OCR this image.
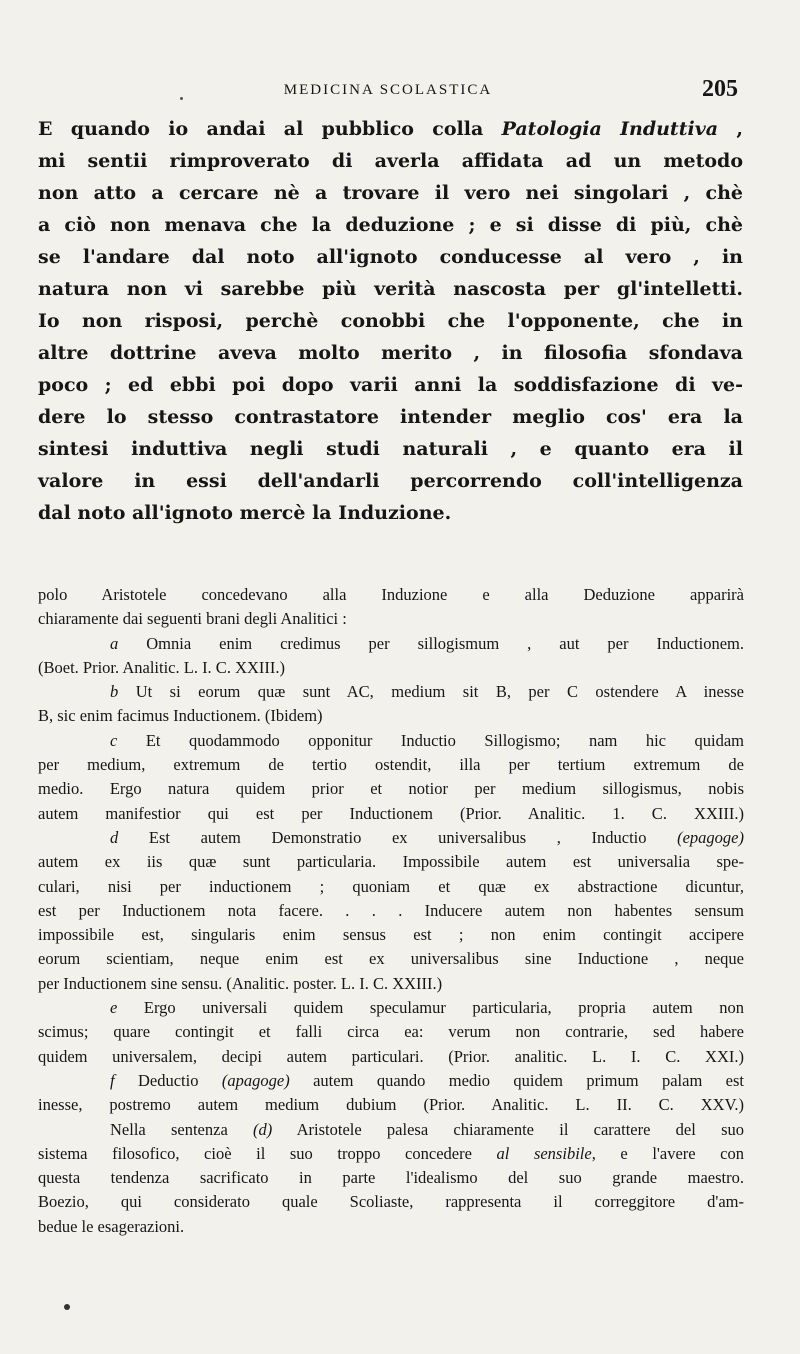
MEDICINA SCOLASTICA	205
E quando io andai al pubblico colla Patologia Induttiva ,
mi sentii rimproverato di averla affidata ad un metodo
non atto a cercare nè a trovare il vero nei singolari , chè
a ciò non menava che la deduzione ; e si disse di più, chè
se l'andare dal noto all'ignoto conducesse al vero , in
natura non vi sarebbe più verità nascosta per gl'intelletti.
Io non risposi, perchè conobbi che l'opponente, che in
altre dottrine aveva molto merito , in filosofia sfondava
poco ; ed ebbi poi dopo varii anni la soddisfazione di ve-
dere lo stesso contrastatore intender meglio cos' era la
sintesi induttiva negli studi naturali , e quanto era il
valore in essi dell'andarli percorrendo coll'intelligenza
dal noto all'ignoto mercè la Induzione.
polo Aristotele concedevano alla Induzione e alla Deduzione apparirà
chiaramente dai seguenti brani degli Analitici :
a Omnia enim credimus per sillogismum , aut per Inductionem.
(Boet. Prior. Analitic. L. I. C. XXIII.)
b Ut si eorum quæ sunt AC, medium sit B, per C ostendere A inesse
B, sic enim facimus Inductionem. (Ibidem)
c Et quodammodo opponitur Inductio Sillogismo; nam hic quidam
per medium, extremum de tertio ostendit, illa per tertium extremum de
medio. Ergo natura quidem prior et notior per medium sillogismus, nobis
autem manifestior qui est per Inductionem (Prior. Analitic. 1. C. XXIII.)
d Est autem Demonstratio ex universalibus , Inductio (epagoge)
autem ex iis quæ sunt particularia. Impossibile autem est universalia spe-
culari, nisi per inductionem ; quoniam et quæ ex abstractione dicuntur,
est per Inductionem nota facere. . . . Inducere autem non habentes sensum
impossibile est, singularis enim sensus est ; non enim contingit accipere
eorum scientiam, neque enim est ex universalibus sine Inductione , neque
per Inductionem sine sensu. (Analitic. poster. L. I. C. XXIII.)
e Ergo universali quidem speculamur particularia, propria autem non
scimus; quare contingit et falli circa ea: verum non contrarie, sed habere
quidem universalem, decipi autem particulari. (Prior. analitic. L. I. C. XXI.)
f Deductio (apagoge) autem quando medio quidem primum palam est
inesse, postremo autem medium dubium (Prior. Analitic. L. II. C. XXV.)
Nella sentenza (d) Aristotele palesa chiaramente il carattere del suo
sistema filosofico, cioè il suo troppo concedere al sensibile, e l'avere con
questa tendenza sacrificato in parte l'idealismo del suo grande maestro.
Boezio, qui considerato quale Scoliaste, rappresenta il correggitore d'am-
bedue le esagerazioni.
